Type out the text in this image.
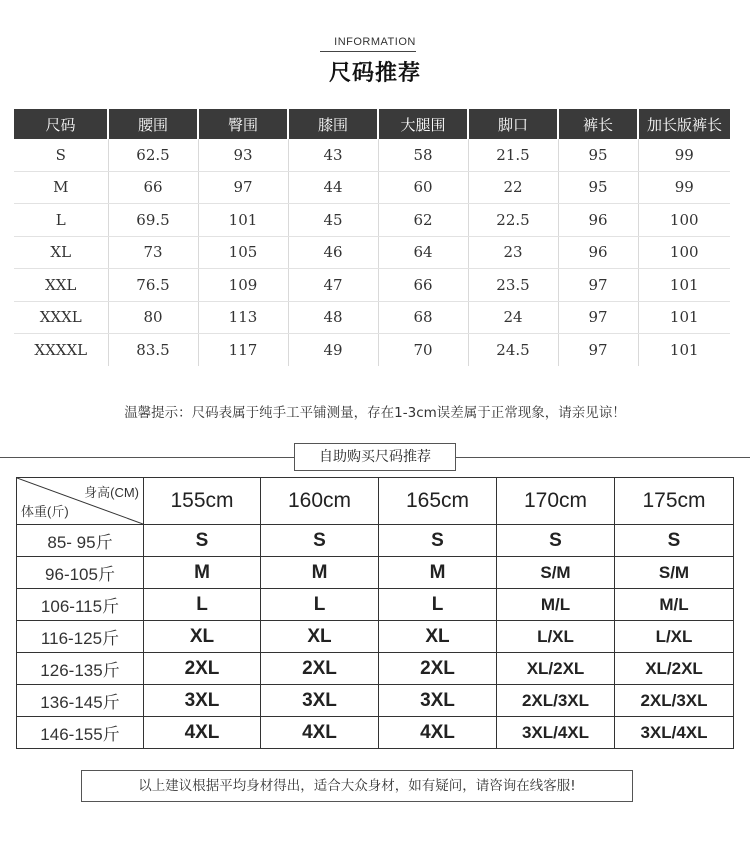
INFORMATION
尺码推荐
尺码	腰围	臀围	膝围	大腿围	脚口	裤长	加长版裤长
S	62.5	93	43	58	21.5	95	99
M	66	97	44	60	22	95	99
L	69.5	101	45	62	22.5	96	100
XL	73	105	46	64	23	96	100
XXL	76.5	109	47	66	23.5	97	101
XXXL	80	113	48	68	24	97	101
XXXXL	83.5	117	49	70	24.5	97	101
温馨提示：尺码表属于纯手工平铺测量，存在1-3cm误差属于正常现象，请亲见谅！
自助购买尺码推荐
身高(CM)
体重(斤)	155cm	160cm	165cm	170cm	175cm
85- 95斤	S	S	S	S	S
96-105斤	M	M	M	S/M	S/M
106-115斤	L	L	L	M/L	M/L
116-125斤	XL	XL	XL	L/XL	L/XL
126-135斤	2XL	2XL	2XL	XL/2XL	XL/2XL
136-145斤	3XL	3XL	3XL	2XL/3XL	2XL/3XL
146-155斤	4XL	4XL	4XL	3XL/4XL	3XL/4XL
以上建议根据平均身材得出，适合大众身材，如有疑问，请咨询在线客服!
